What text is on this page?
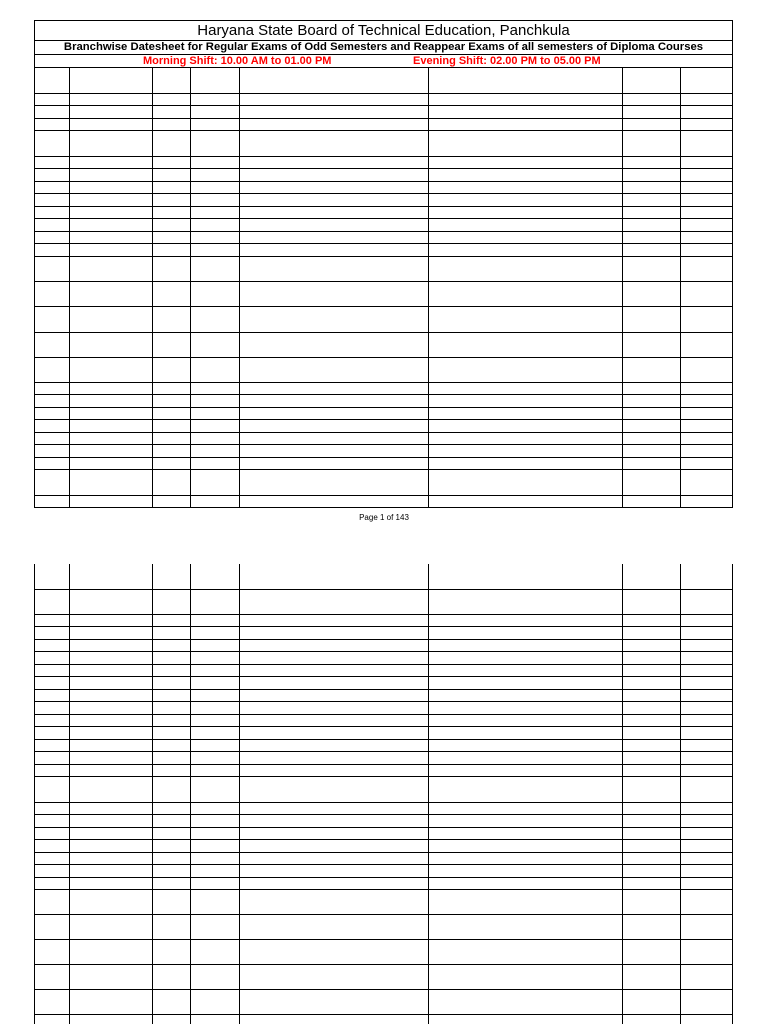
Haryana State Board of Technical Education, Panchkula
Branchwise Datesheet for Regular Exams of Odd Semesters and Reappear Exams of all semesters of Diploma Courses
Morning Shift: 10.00 AM to 01.00 PM	Evening Shift: 02.00 PM to 05.00 PM
Page 1 of 143
